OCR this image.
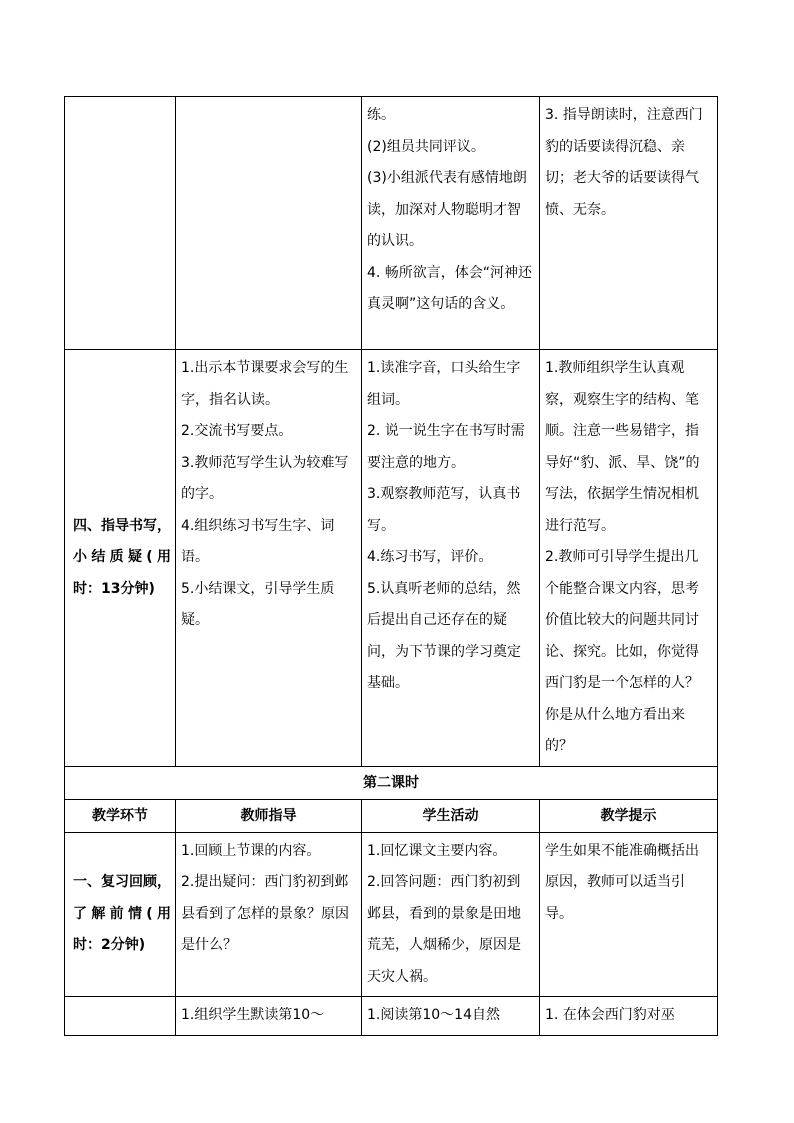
		练。
(2)组员共同评议。
(3)小组派代表有感情地朗读，加深对人物聪明才智的认识。
4. 畅所欲言，体会“河神还真灵啊”这句话的含义。	3. 指导朗读时，注意西门豹的话要读得沉稳、亲切；老大爷的话要读得气愤、无奈。

四、指导书写，小结质疑(用时：13分钟)	1.出示本节课要求会写的生字，指名认读。
2.交流书写要点。
3.教师范写学生认为较难写的字。
4.组织练习书写生字、词语。
5.小结课文，引导学生质疑。	1.读准字音，口头给生字组词。
2. 说一说生字在书写时需要注意的地方。
3.观察教师范写，认真书写。
4.练习书写，评价。
5.认真听老师的总结，然后提出自己还存在的疑问，为下节课的学习奠定基础。	1.教师组织学生认真观察，观察生字的结构、笔顺。注意一些易错字，指导好“豹、派、旱、饶”的写法，依据学生情况相机进行范写。
2.教师可引导学生提出几个能整合课文内容，思考价值比较大的问题共同讨论、探究。比如，你觉得西门豹是一个怎样的人？你是从什么地方看出来的？

第二课时			
教学环节	教师指导	学生活动	教学提示
一、复习回顾，了解前情(用时：2分钟)	1.回顾上节课的内容。
2.提出疑问：西门豹初到邺县看到了怎样的景象？原因是什么？	1.回忆课文主要内容。
2.回答问题：西门豹初到邺县，看到的景象是田地荒芜，人烟稀少，原因是天灾人祸。	学生如果不能准确概括出原因，教师可以适当引导。

	1.组织学生默读第10～	1.阅读第10～14自然	1. 在体会西门豹对巫
